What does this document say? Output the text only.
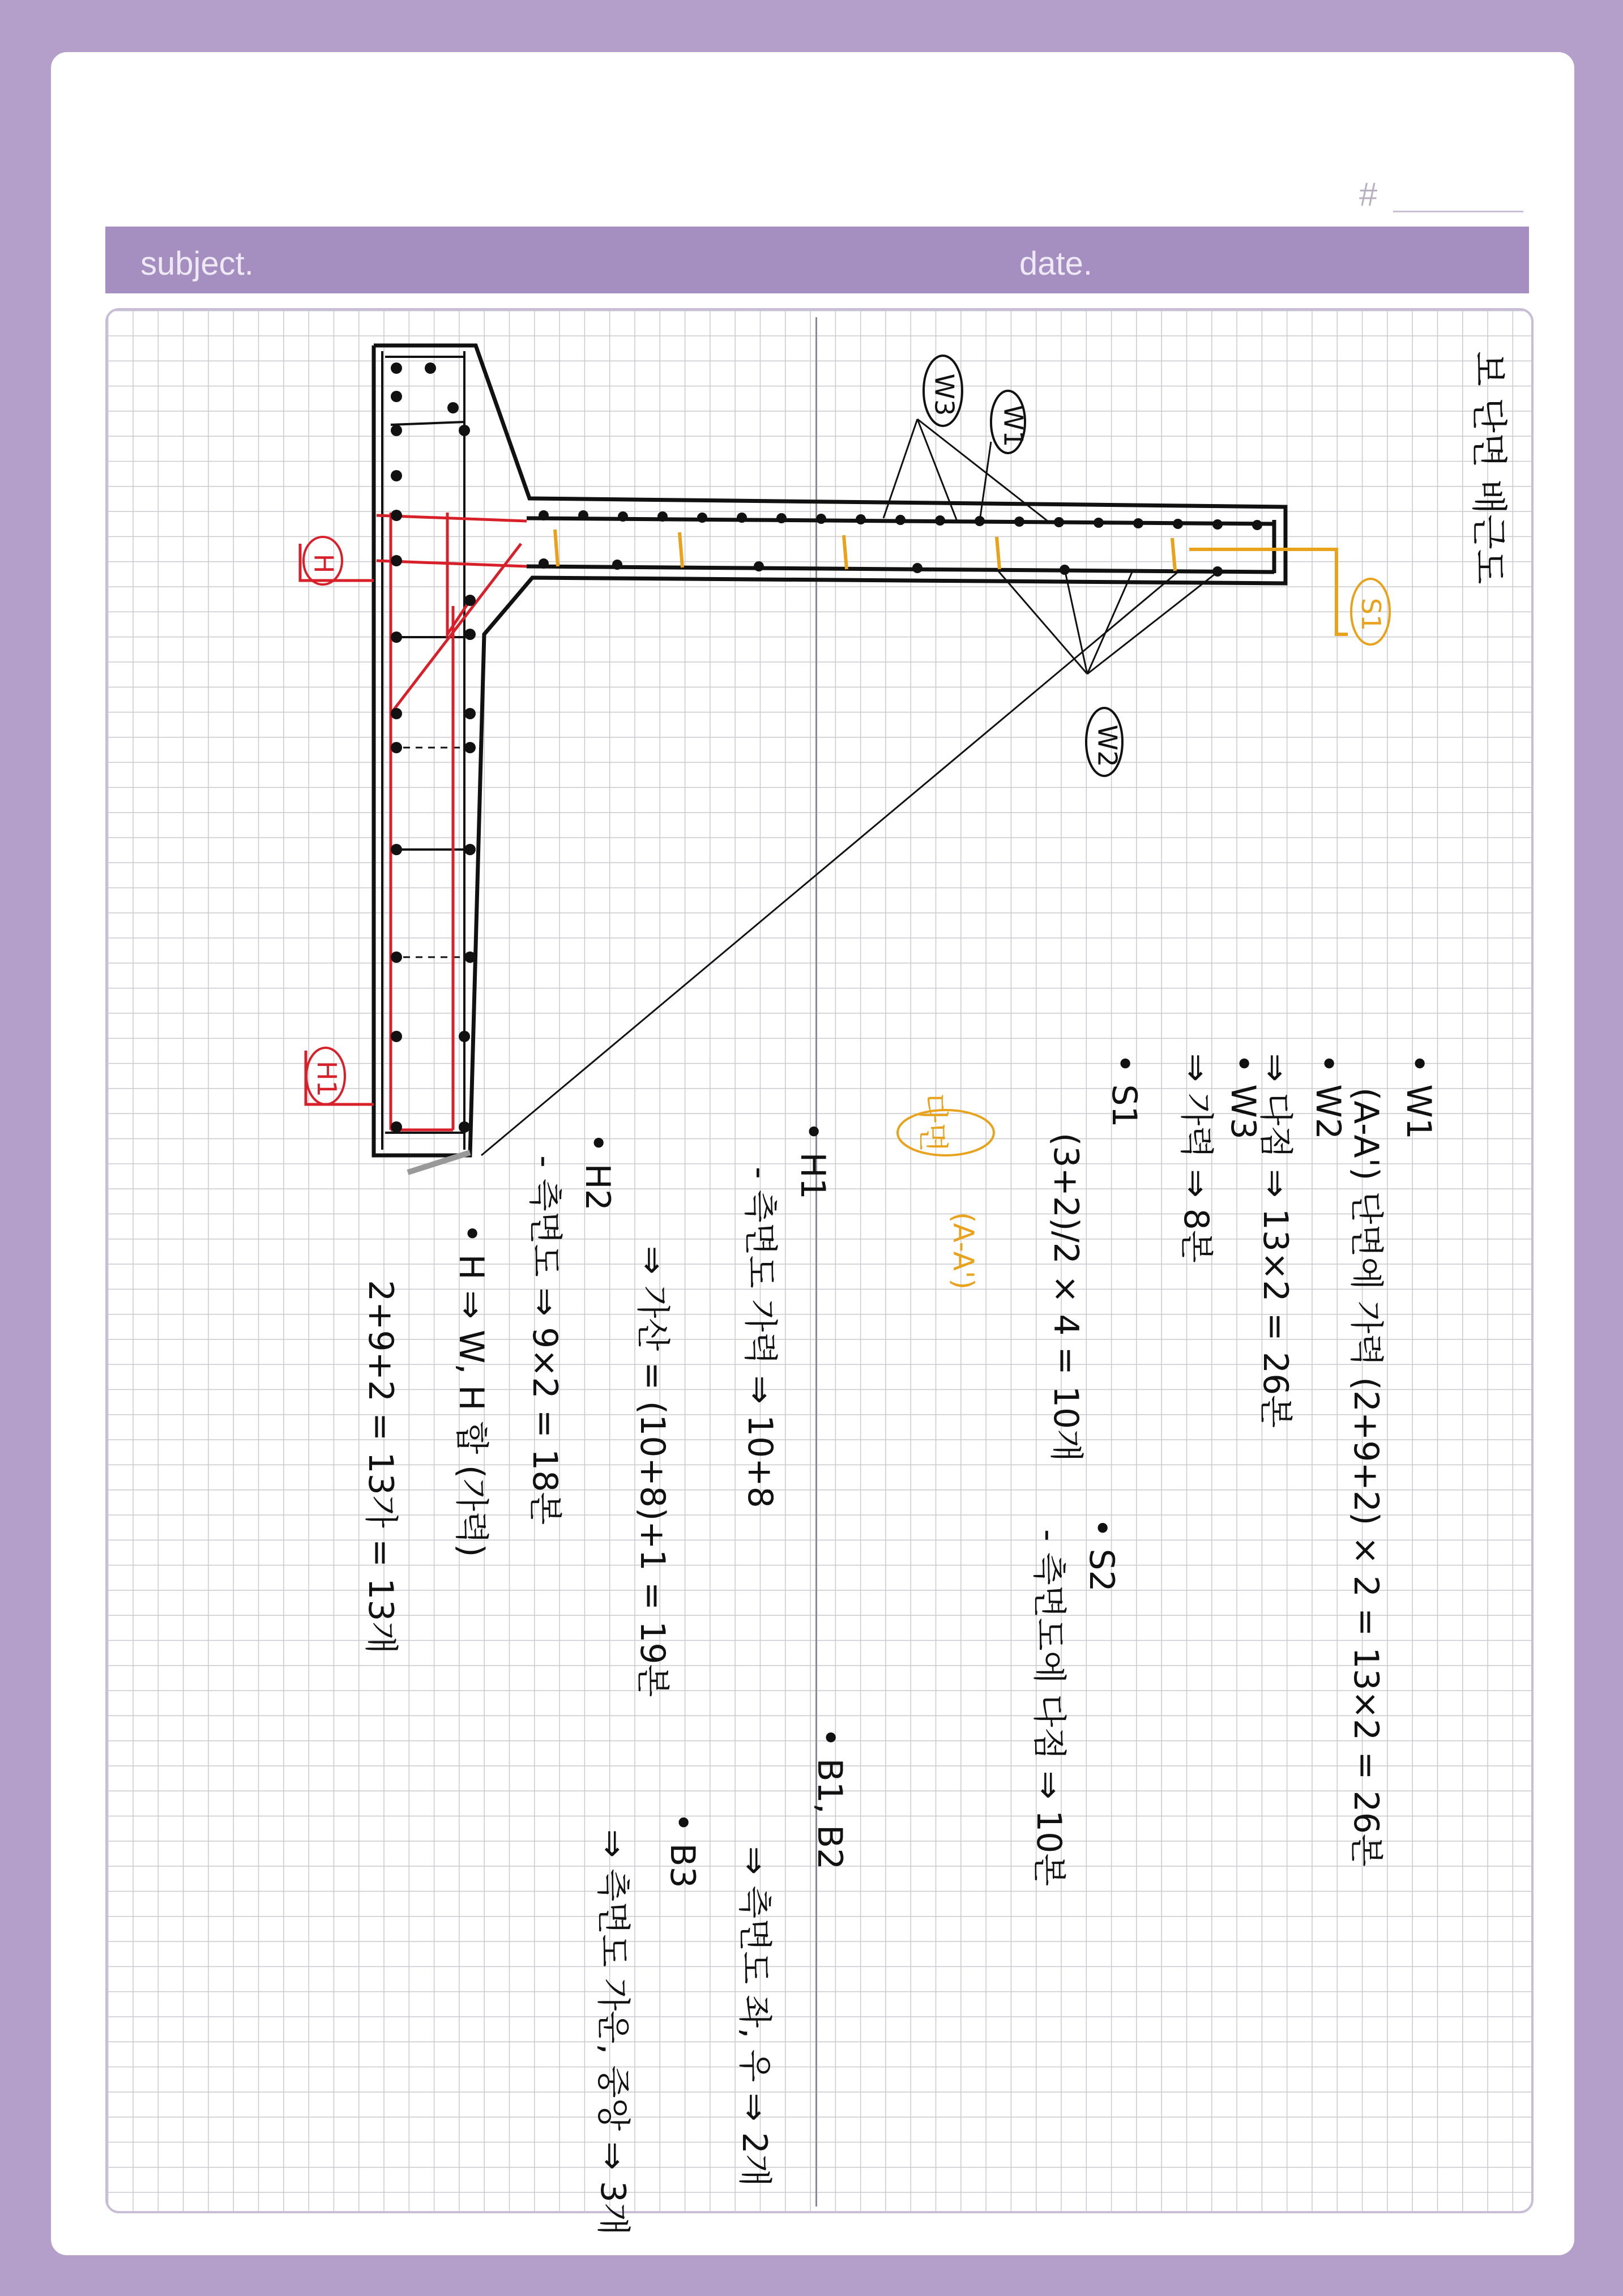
#
subject.	date.
W3
W1
W2
S1
H
H1
보 단면 배근도
• W1
(A-A') 단면에 가력 (2+9+2) × 2 = 13×2 = 26본
• W2
⇒ 다점 ⇒ 13×2 = 26본
• W3
⇒ 가력 ⇒ 8본
• S1
(3+2)/2 × 4 = 10개
다면
(A-A')
• S2
- 측면도에 다점 ⇒ 10본
• H1
- 측면도 가력 ⇒ 10+8
⇒ 가산 = (10+8)+1 = 19본
• H2
- 측면도 ⇒ 9×2 = 18본
• H ⇒ W, H 합 (가력)
2+9+2 = 13가 = 13개
• B1, B2
⇒ 측면도 좌, 우 ⇒ 2개
• B3
⇒ 측면도 가운, 중앙 ⇒ 3개
